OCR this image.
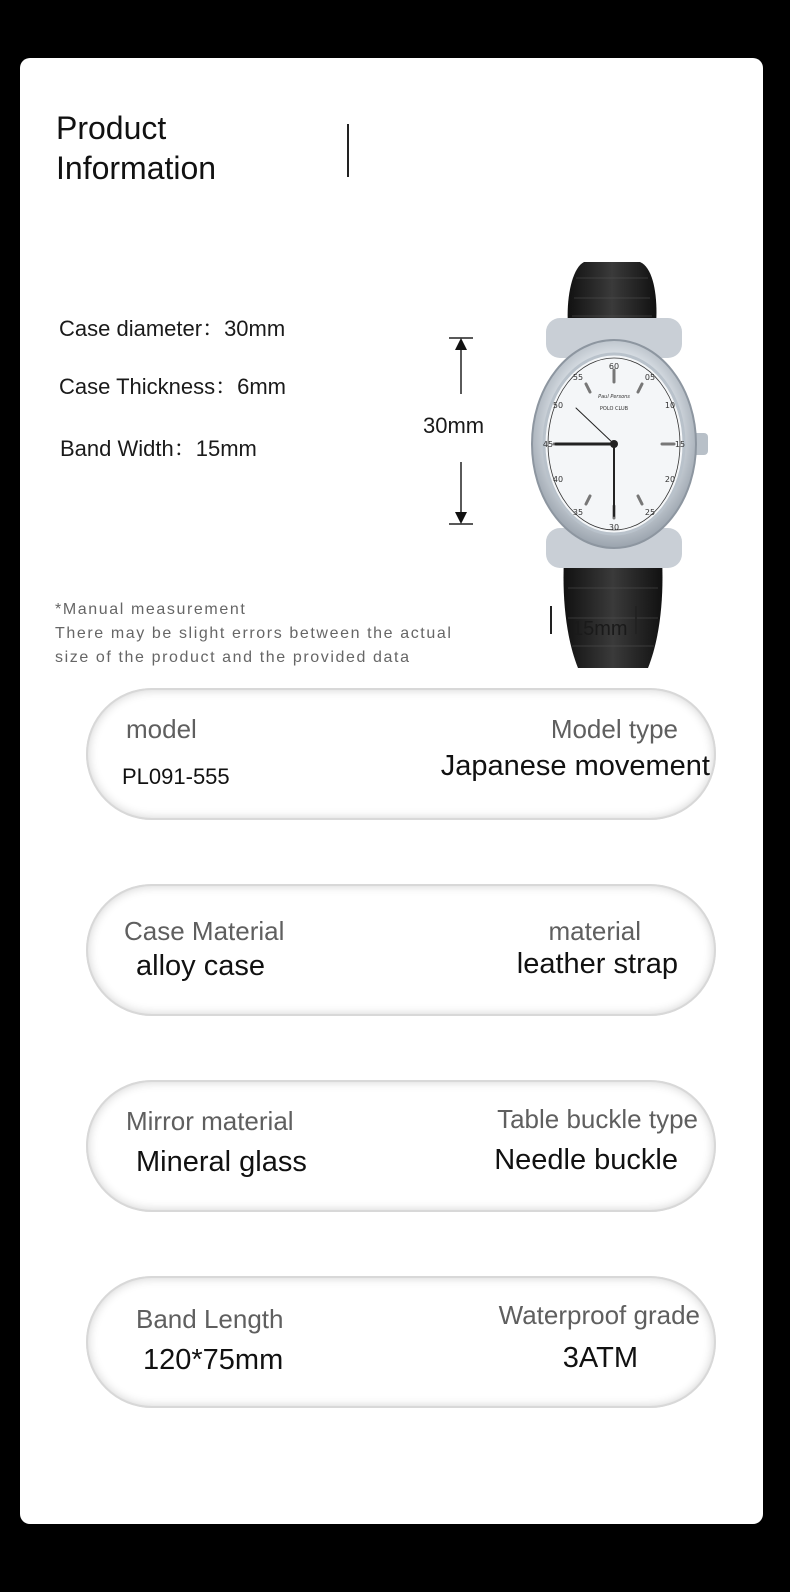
Product
Information
Case diameter：30mm
Case Thickness：6mm
Band Width：15mm
30mm
60
30
45	15
55	05
35	25
50	10
40	20
Paul Persons
POLO CLUB
15mm
*Manual measurement
There may be slight errors between the actual
size of the product and the provided data
model
PL091-555
Model type
Japanese movement
Case Material
alloy case
material
leather strap
Mirror material
Mineral glass
Table buckle type
Needle buckle
Band Length
120*75mm
Waterproof grade
3ATM
